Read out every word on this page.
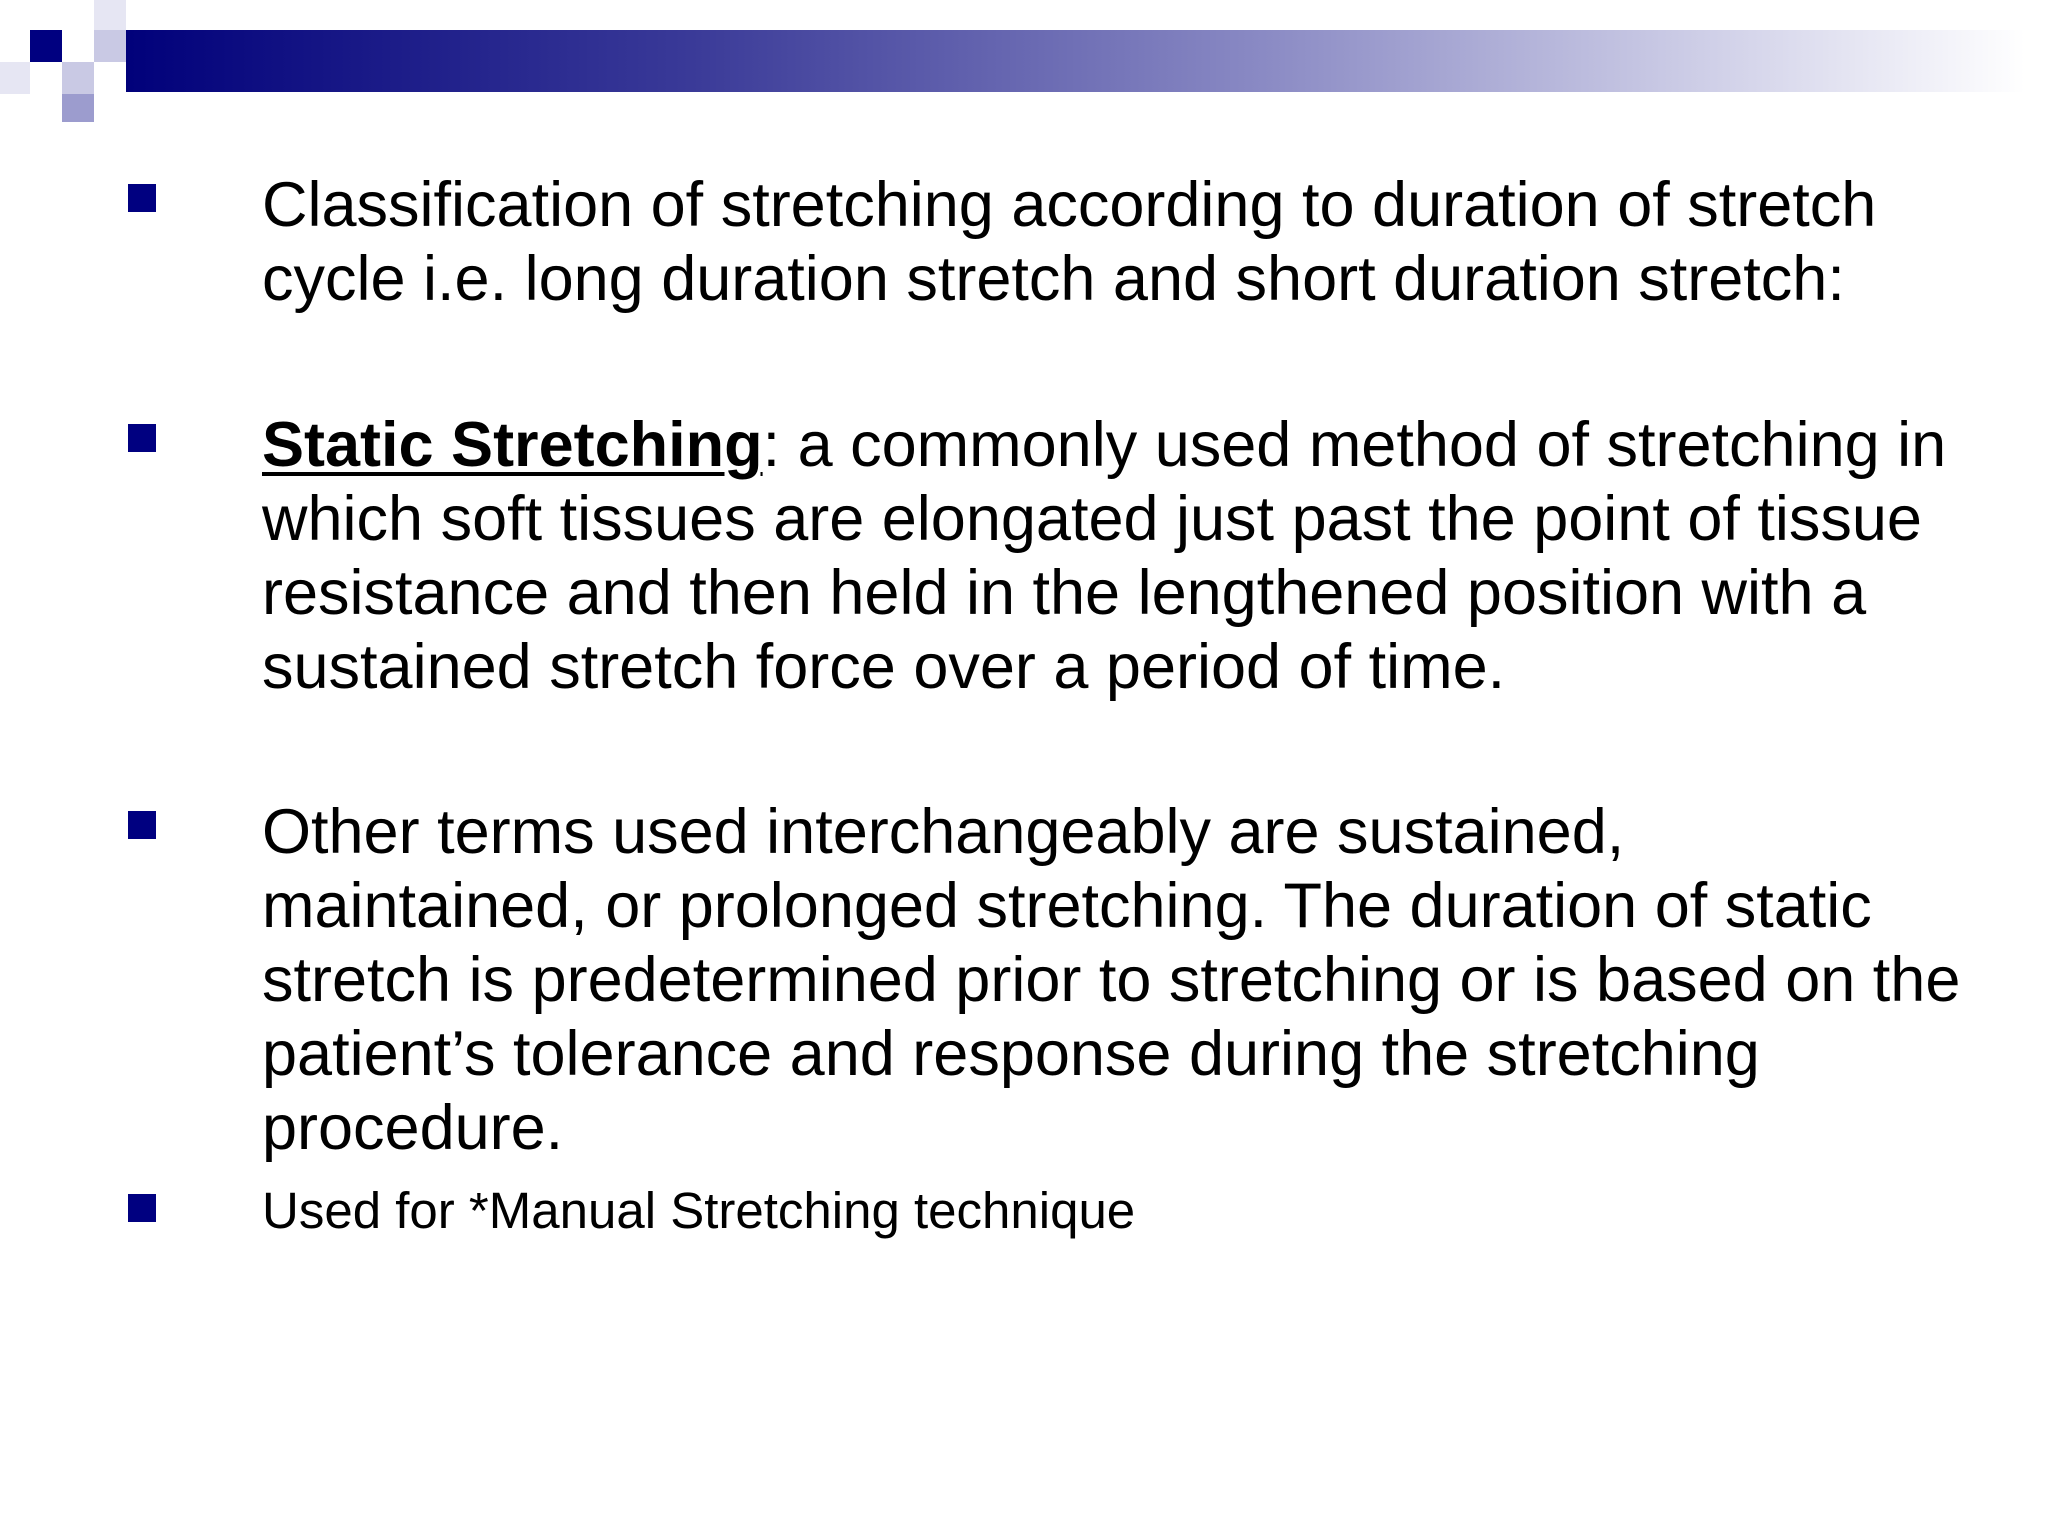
Classification of stretching according to duration of stretch cycle i.e. long duration stretch and short duration stretch:
Static Stretching: a commonly used method of stretching in which soft tissues are elongated just past the point of tissue resistance and then held in the lengthened position with a sustained stretch force over a period of time.
Other terms used interchangeably are sustained, maintained, or prolonged stretching. The duration of static stretch is predetermined prior to stretching or is based on the patient’s tolerance and response during the stretching procedure.
Used for *Manual Stretching technique
